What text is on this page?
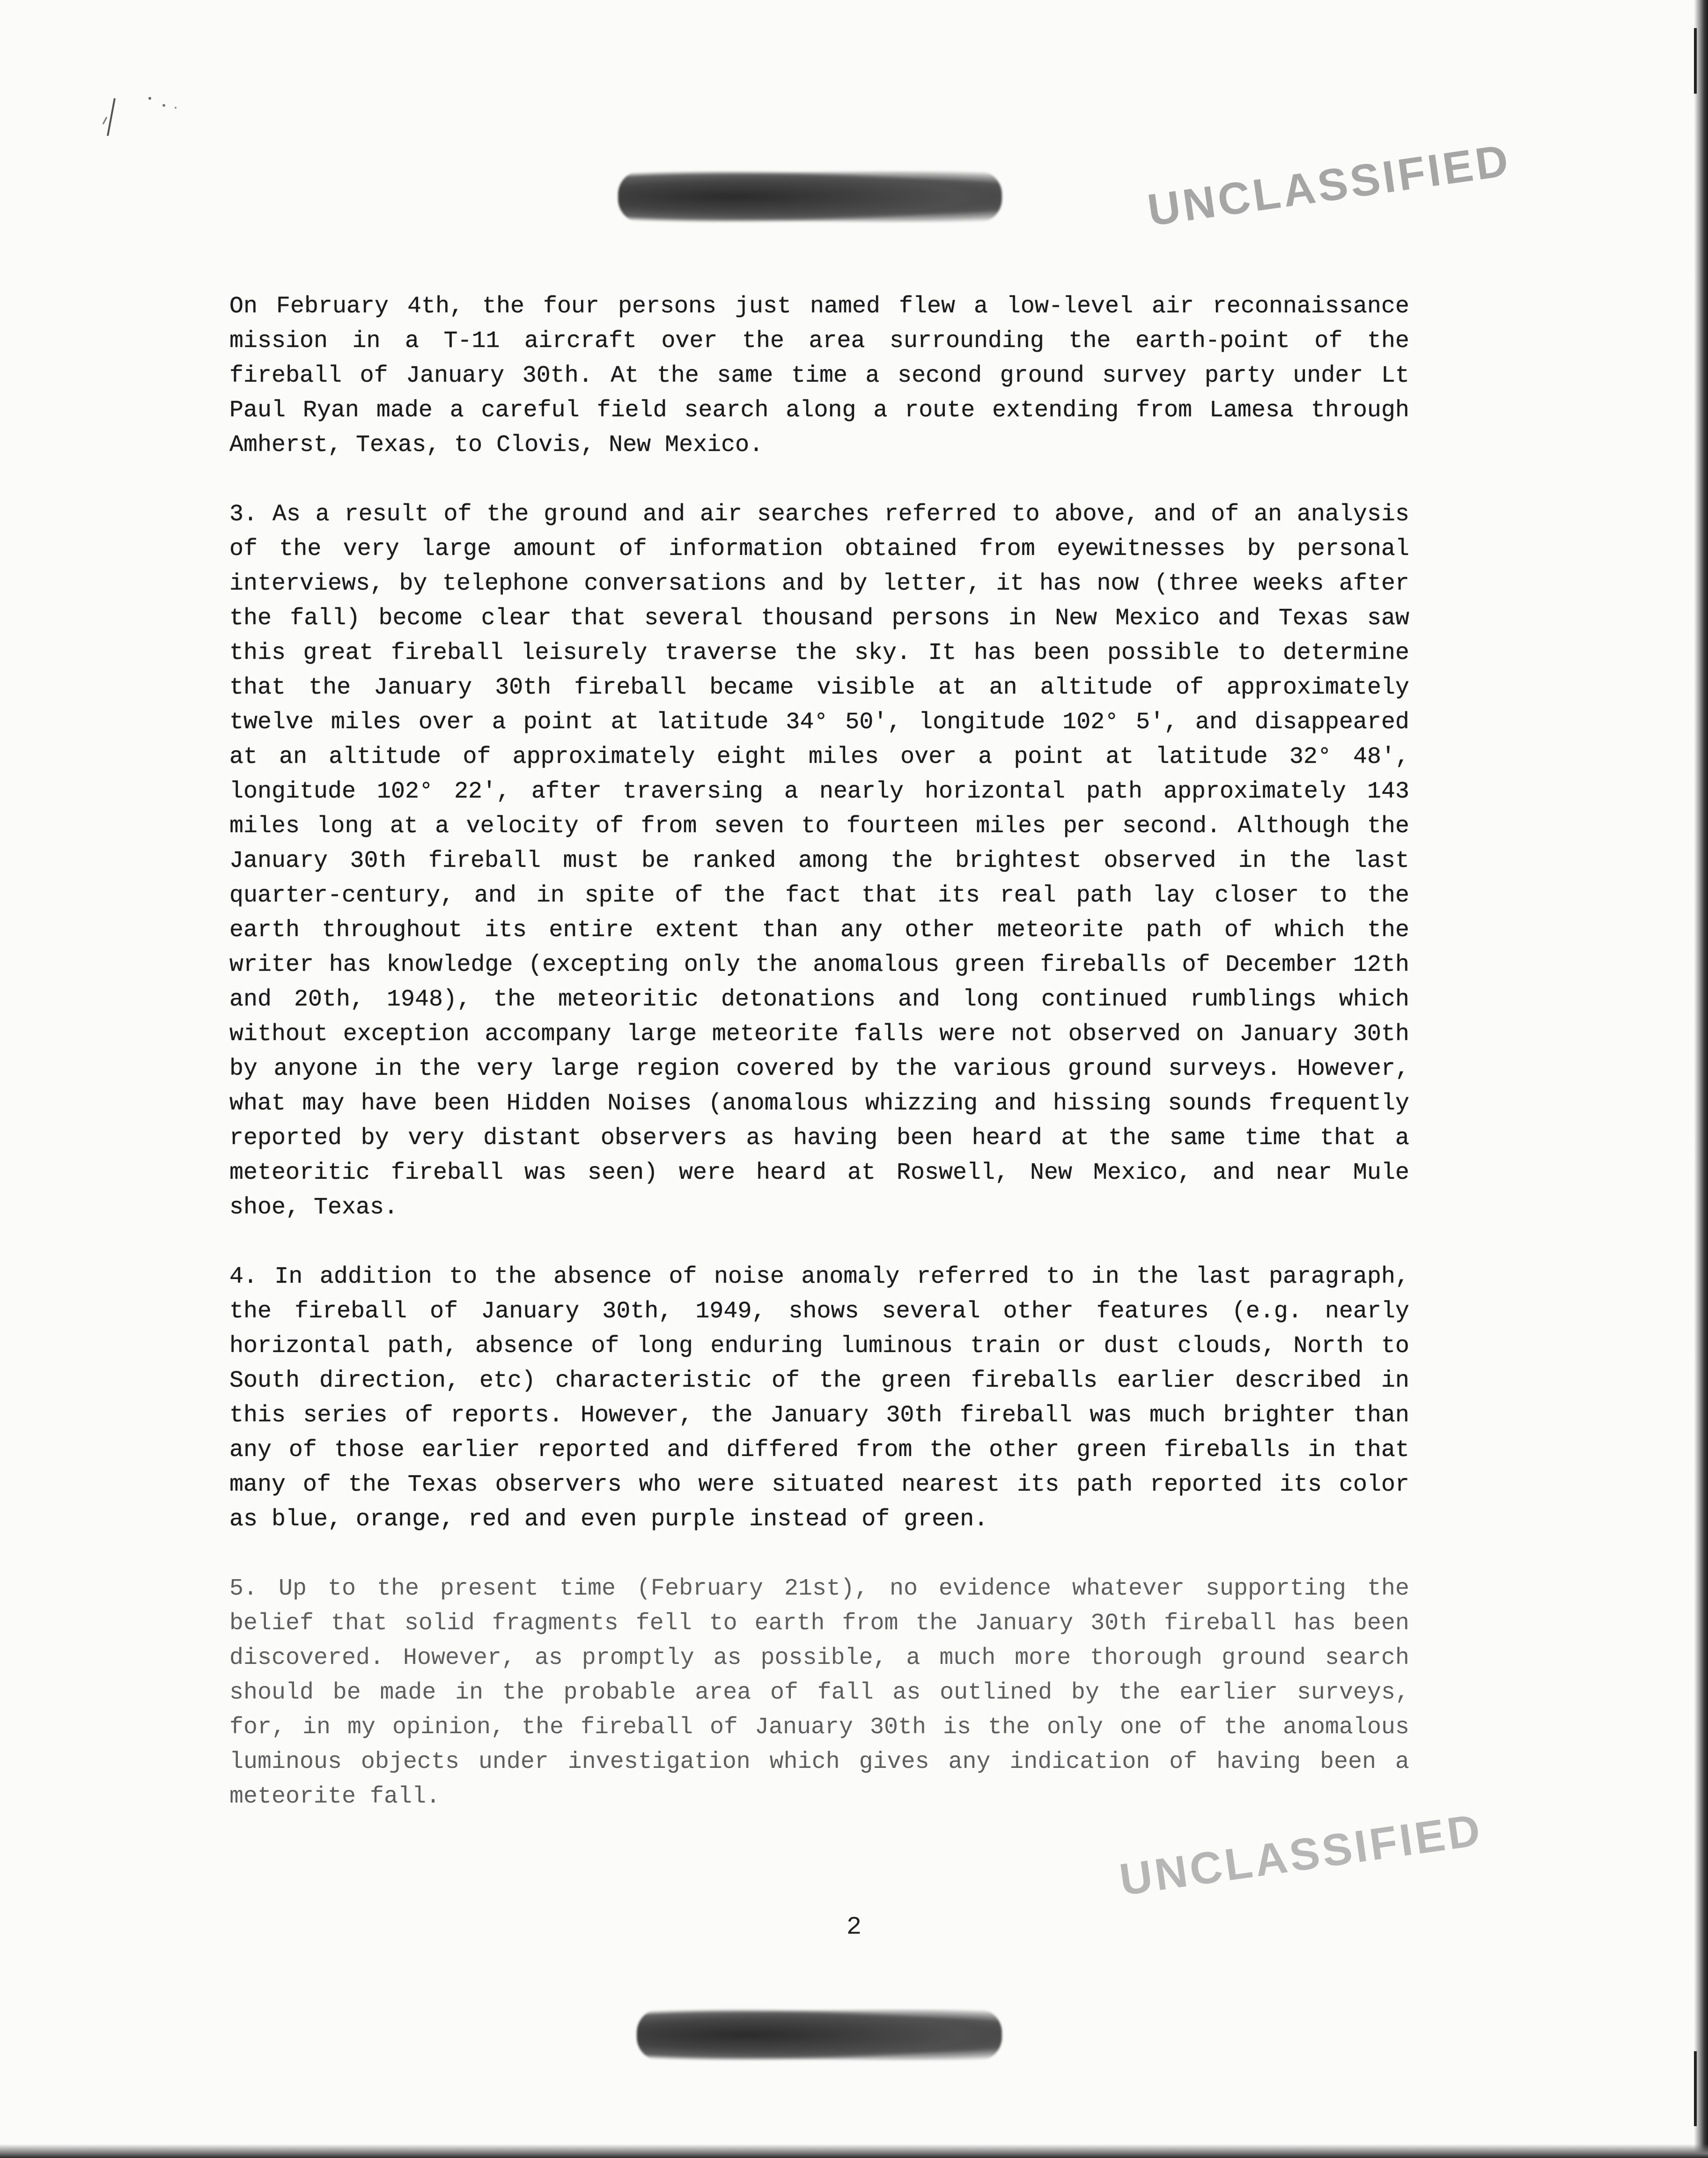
UNCLASSIFIED

On February 4th, the four persons just named flew a low-level air reconnaissance mission in a T-11 aircraft over the area surrounding the earth-point of the fireball of January 30th. At the same time a second ground survey party under Lt Paul Ryan made a careful field search along a route extending from Lamesa through Amherst, Texas, to Clovis, New Mexico.

3. As a result of the ground and air searches referred to above, and of an analysis of the very large amount of information obtained from eyewitnesses by personal interviews, by telephone conversations and by letter, it has now (three weeks after the fall) become clear that several thousand persons in New Mexico and Texas saw this great fireball leisurely traverse the sky. It has been possible to determine that the January 30th fireball became visible at an altitude of approximately twelve miles over a point at latitude 34° 50', longitude 102° 5', and disappeared at an altitude of approximately eight miles over a point at latitude 32° 48', longitude 102° 22', after traversing a nearly horizontal path approximately 143 miles long at a velocity of from seven to fourteen miles per second. Although the January 30th fireball must be ranked among the brightest observed in the last quarter-century, and in spite of the fact that its real path lay closer to the earth throughout its entire extent than any other meteorite path of which the writer has knowledge (excepting only the anomalous green fireballs of December 12th and 20th, 1948), the meteoritic detonations and long continued rumblings which without exception accompany large meteorite falls were not observed on January 30th by anyone in the very large region covered by the various ground surveys. However, what may have been Hidden Noises (anomalous whizzing and hissing sounds frequently reported by very distant observers as having been heard at the same time that a meteoritic fireball was seen) were heard at Roswell, New Mexico, and near Mule shoe, Texas.

4. In addition to the absence of noise anomaly referred to in the last paragraph, the fireball of January 30th, 1949, shows several other features (e.g. nearly horizontal path, absence of long enduring luminous train or dust clouds, North to South direction, etc) characteristic of the green fireballs earlier described in this series of reports. However, the January 30th fireball was much brighter than any of those earlier reported and differed from the other green fireballs in that many of the Texas observers who were situated nearest its path reported its color as blue, orange, red and even purple instead of green.

5. Up to the present time (February 21st), no evidence whatever supporting the belief that solid fragments fell to earth from the January 30th fireball has been discovered. However, as promptly as possible, a much more thorough ground search should be made in the probable area of fall as outlined by the earlier surveys, for, in my opinion, the fireball of January 30th is the only one of the anomalous luminous objects under investigation which gives any indication of having been a meteorite fall.

UNCLASSIFIED
2
